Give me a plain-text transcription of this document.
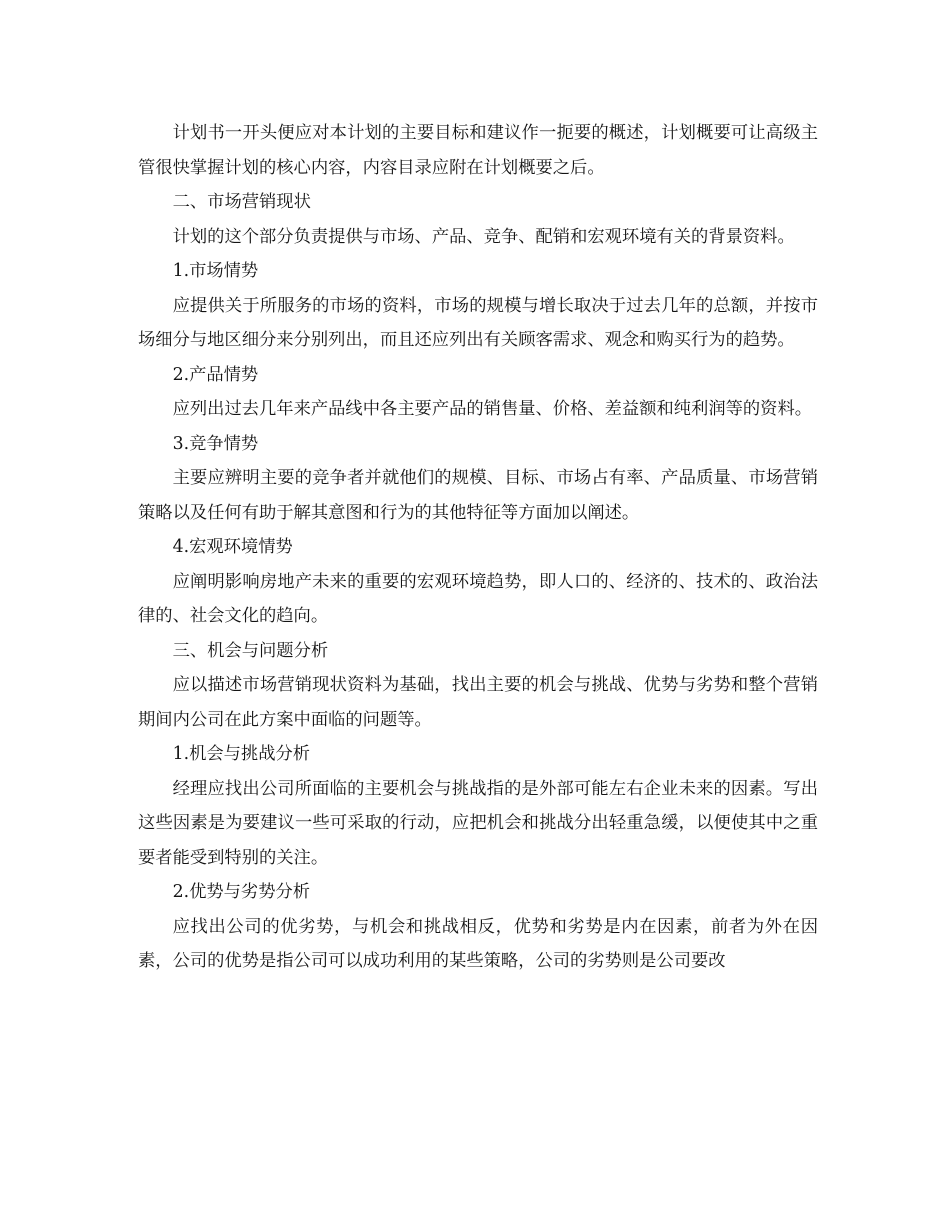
计划书一开头便应对本计划的主要目标和建议作一扼要的概述，计划概要可让高级主管很快掌握计划的核心内容，内容目录应附在计划概要之后。

二、市场营销现状

计划的这个部分负责提供与市场、产品、竞争、配销和宏观环境有关的背景资料。

1.市场情势

应提供关于所服务的市场的资料，市场的规模与增长取决于过去几年的总额，并按市场细分与地区细分来分别列出，而且还应列出有关顾客需求、观念和购买行为的趋势。

2.产品情势

应列出过去几年来产品线中各主要产品的销售量、价格、差益额和纯利润等的资料。

3.竞争情势

主要应辨明主要的竞争者并就他们的规模、目标、市场占有率、产品质量、市场营销策略以及任何有助于解其意图和行为的其他特征等方面加以阐述。

4.宏观环境情势

应阐明影响房地产未来的重要的宏观环境趋势，即人口的、经济的、技术的、政治法律的、社会文化的趋向。

三、机会与问题分析

应以描述市场营销现状资料为基础，找出主要的机会与挑战、优势与劣势和整个营销期间内公司在此方案中面临的问题等。

1.机会与挑战分析

经理应找出公司所面临的主要机会与挑战指的是外部可能左右企业未来的因素。写出这些因素是为要建议一些可采取的行动，应把机会和挑战分出轻重急缓，以便使其中之重要者能受到特别的关注。

2.优势与劣势分析

应找出公司的优劣势，与机会和挑战相反，优势和劣势是内在因素，前者为外在因素，公司的优势是指公司可以成功利用的某些策略，公司的劣势则是公司要改
